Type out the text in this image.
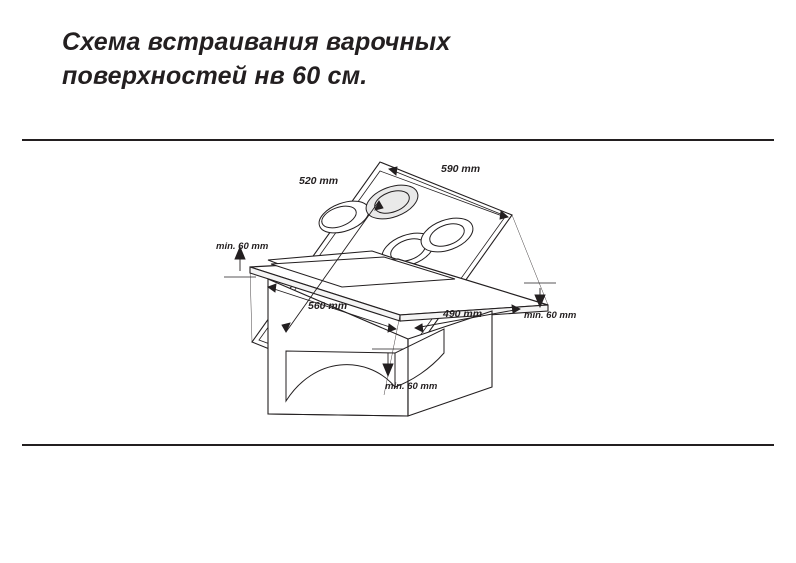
Схема встраивания варочных
поверхностей нв 60 см.
520 mm
590 mm
560 mm
490 mm
min. 60 mm
min. 60 mm
min. 60 mm
